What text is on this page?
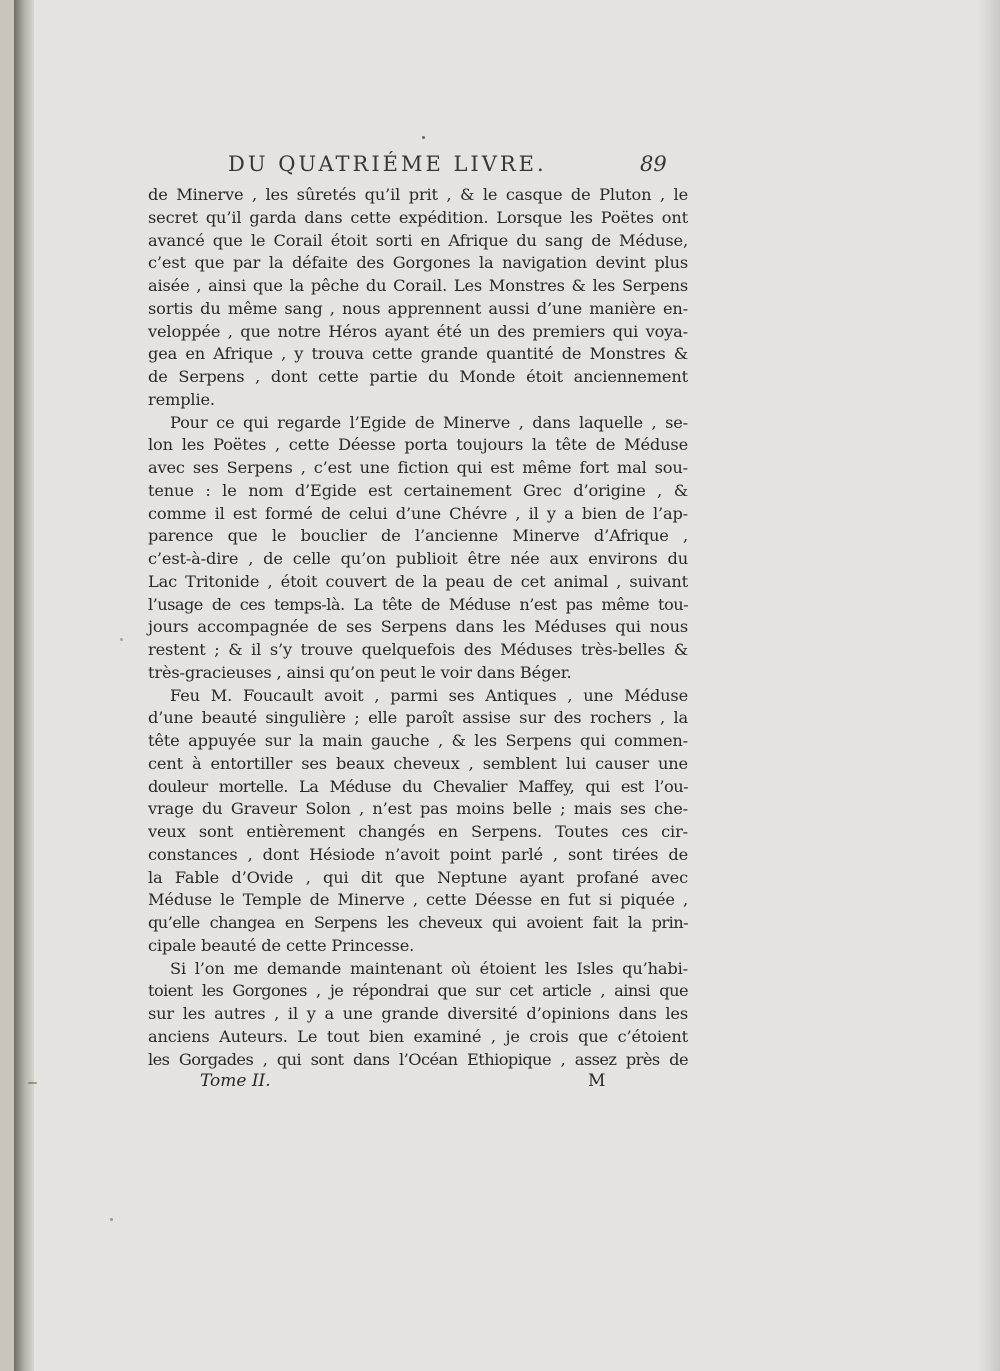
DU QUATRIÉME LIVRE.	89
de Minerve , les sûretés qu’il prit , & le casque de Pluton , le
secret qu’il garda dans cette expédition. Lorsque les Poëtes ont
avancé que le Corail étoit sorti en Afrique du sang de Méduse,
c’est que par la défaite des Gorgones la navigation devint plus
aisée , ainsi que la pêche du Corail. Les Monstres & les Serpens
sortis du même sang , nous apprennent aussi d’une manière en-
veloppée , que notre Héros ayant été un des premiers qui voya-
gea en Afrique , y trouva cette grande quantité de Monstres &
de Serpens , dont cette partie du Monde étoit anciennement
remplie.
Pour ce qui regarde l’Egide de Minerve , dans laquelle , se-
lon les Poëtes , cette Déesse porta toujours la tête de Méduse
avec ses Serpens , c’est une fiction qui est même fort mal sou-
tenue : le nom d’Egide est certainement Grec d’origine , &
comme il est formé de celui d’une Chévre , il y a bien de l’ap-
parence que le bouclier de l’ancienne Minerve d’Afrique ,
c’est-à-dire , de celle qu’on publioit être née aux environs du
Lac Tritonide , étoit couvert de la peau de cet animal , suivant
l’usage de ces temps-là. La tête de Méduse n’est pas même tou-
jours accompagnée de ses Serpens dans les Méduses qui nous
restent ; & il s’y trouve quelquefois des Méduses très-belles &
très-gracieuses , ainsi qu’on peut le voir dans Béger.
Feu M. Foucault avoit , parmi ses Antiques , une Méduse
d’une beauté singulière ; elle paroît assise sur des rochers , la
tête appuyée sur la main gauche , & les Serpens qui commen-
cent à entortiller ses beaux cheveux , semblent lui causer une
douleur mortelle. La Méduse du Chevalier Maffey, qui est l’ou-
vrage du Graveur Solon , n’est pas moins belle ; mais ses che-
veux sont entièrement changés en Serpens. Toutes ces cir-
constances , dont Hésiode n’avoit point parlé , sont tirées de
la Fable d’Ovide , qui dit que Neptune ayant profané avec
Méduse le Temple de Minerve , cette Déesse en fut si piquée ,
qu’elle changea en Serpens les cheveux qui avoient fait la prin-
cipale beauté de cette Princesse.
Si l’on me demande maintenant où étoient les Isles qu’habi-
toient les Gorgones , je répondrai que sur cet article , ainsi que
sur les autres , il y a une grande diversité d’opinions dans les
anciens Auteurs. Le tout bien examiné , je crois que c’étoient
les Gorgades , qui sont dans l’Océan Ethiopique , assez près de
Tome II.	M
